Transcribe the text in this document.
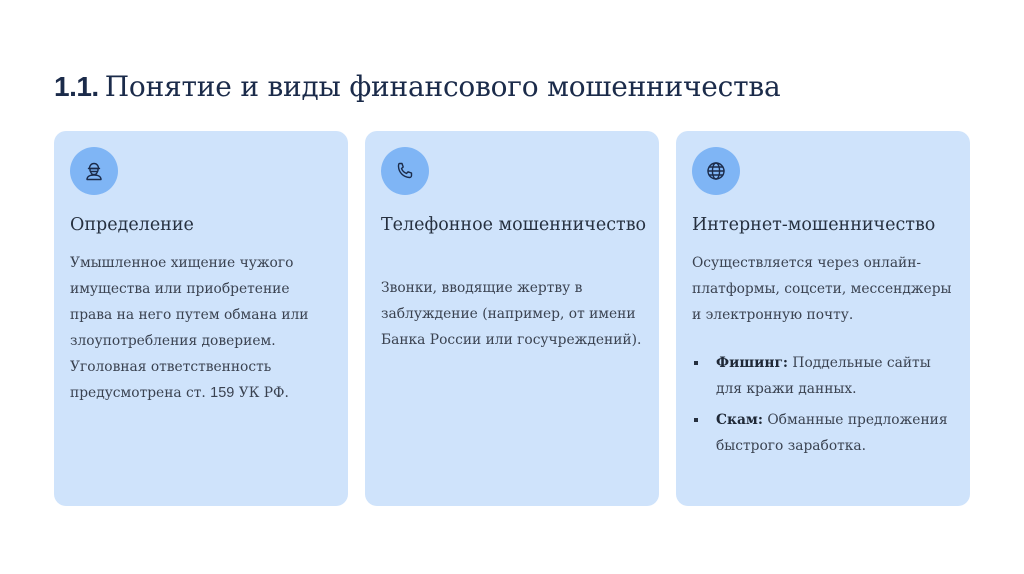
1.1. Понятие и виды финансового мошенничества
Определение

Умышленное хищение чужого имущества или приобретение права на него путем обмана или злоупотребления доверием. Уголовная ответственность предусмотрена ст. 159 УК РФ.

Телефонное мошенничество

Звонки, вводящие жертву в заблуждение (например, от имени Банка России или госучреждений).

Интернет-мошенничество

Осуществляется через онлайн-платформы, соцсети, мессенджеры и электронную почту.

Фишинг: Поддельные сайты для кражи данных.
Скам: Обманные предложения быстрого заработка.
